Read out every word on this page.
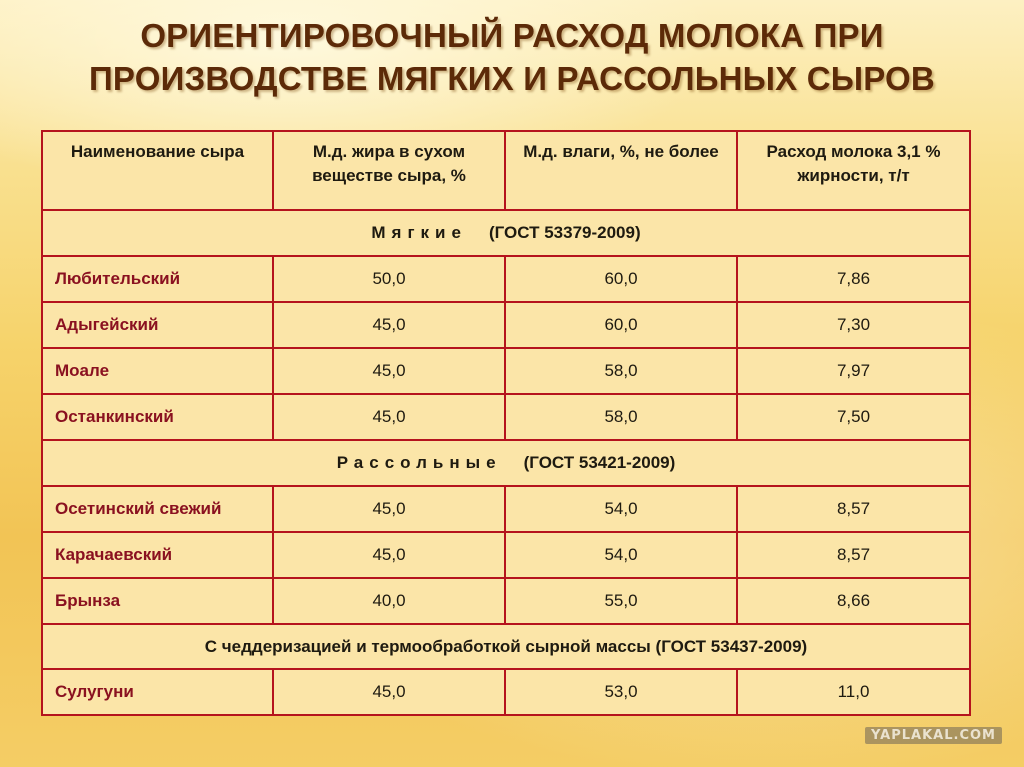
ОРИЕНТИРОВОЧНЫЙ РАСХОД МОЛОКА ПРИ
ПРОИЗВОДСТВЕ МЯГКИХ И РАССОЛЬНЫХ СЫРОВ
Наименование сыра	М.д. жира в сухом веществе сыра, %	М.д. влаги, %, не более	Расход молока 3,1 % жирности, т/т
Мягкие (ГОСТ 53379-2009)			
Любительский	50,0	60,0	7,86
Адыгейский	45,0	60,0	7,30
Моале	45,0	58,0	7,97
Останкинский	45,0	58,0	7,50
Рассольные (ГОСТ 53421-2009)			
Осетинский свежий	45,0	54,0	8,57
Карачаевский	45,0	54,0	8,57
Брынза	40,0	55,0	8,66
С чеддеризацией и термообработкой сырной массы (ГОСТ 53437-2009)			
Сулугуни	45,0	53,0	11,0
YAPLAKAL.COM
